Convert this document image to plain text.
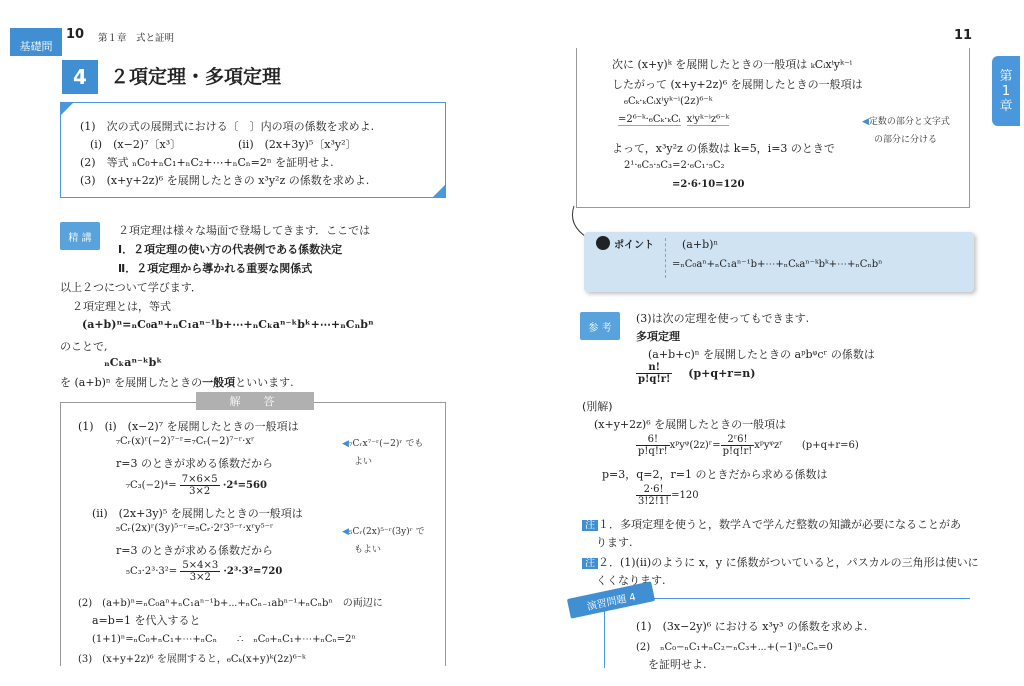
基礎問
10 第１章　式と証明	11
第
1
章
4	２項定理・多項定理
(1)　次の式の展開式における〔　〕内の項の係数を求めよ.
(i)　(x−2)⁷〔x³〕	(ii)　(2x+3y)⁵〔x³y²〕
(2)　等式 ₙC₀+ₙC₁+ₙC₂+⋯+ₙCₙ=2ⁿ を証明せよ.
(3)　(x+y+2z)⁶ を展開したときの x³y²z の係数を求めよ.
精 講
２項定理は様々な場面で登場してきます．ここでは
Ⅰ．２項定理の使い方の代表例である係数決定
Ⅱ．２項定理から導かれる重要な関係式
以上２つについて学びます．
２項定理とは，等式
(a+b)ⁿ=ₙC₀aⁿ+ₙC₁aⁿ⁻¹b+⋯+ₙCₖaⁿ⁻ᵏbᵏ+⋯+ₙCₙbⁿ
のことで,
ₙCₖaⁿ⁻ᵏbᵏ
を (a+b)ⁿ を展開したときの一般項といいます.
解　答
(1)　(i)　(x−2)⁷ を展開したときの一般項は
₇Cᵣ(x)ʳ(−2)⁷⁻ʳ=₇Cᵣ(−2)⁷⁻ʳ·xʳ	◀₇Cᵣx⁷⁻ʳ(−2)ʳ でも
よい
r=3 のときが求める係数だから
$_7C_3(-2)^4= \frac{7\times 6\times 5}{3\times 2} \cdot 2^4=560$
(ii)　(2x+3y)⁵ を展開したときの一般項は
₅Cᵣ(2x)ʳ(3y)⁵⁻ʳ=₅Cᵣ·2ʳ3⁵⁻ʳ·xʳy⁵⁻ʳ	◀₅Cᵣ(2x)⁵⁻ʳ(3y)ʳ で
もよい
r=3 のときが求める係数だから
$_5C_3\cdot 2^3\cdot 3^2= \frac{5\times 4\times 3}{3\times 2} \cdot 2^3\cdot 3^2=720$
(2)　(a+b)ⁿ=ₙC₀aⁿ+ₙC₁aⁿ⁻¹b+⋯+ₙCₙ₋₁abⁿ⁻¹+ₙCₙbⁿ　の両辺に
a=b=1 を代入すると
(1+1)ⁿ=ₙC₀+ₙC₁+⋯+ₙCₙ　　∴　ₙC₀+ₙC₁+⋯+ₙCₙ=2ⁿ
(3)　(x+y+2z)⁶ を展開すると，₆Cₖ(x+y)ᵏ(2z)⁶⁻ᵏ
次に (x+y)ᵏ を展開したときの一般項は ₖCᵢxⁱyᵏ⁻ⁱ
したがって (x+y+2z)⁶ を展開したときの一般項は
₆Cₖ·ₖCᵢxⁱyᵏ⁻ⁱ(2z)⁶⁻ᵏ
=2⁶⁻ᵏ·₆Cₖ·ₖCᵢ xⁱyᵏ⁻ⁱz⁶⁻ᵏ	◀定数の部分と文字式
の部分に分ける
よって，x³y²z の係数は k=5，i=3 のときで
2¹·₆C₅·₅C₃=2·₆C₁·₅C₂
=2·6·10=120
ポイント	(a+b)ⁿ
=ₙC₀aⁿ+ₙC₁aⁿ⁻¹b+⋯+ₙCₖaⁿ⁻ᵏbᵏ+⋯+ₙCₙbⁿ
参 考
(3)は次の定理を使ってもできます.
多項定理
(a+b+c)ⁿ を展開したときの aᵖbᵠcʳ の係数は
$\frac{n!}{p!q!r!} (p+q+r=n)$
(別解)
(x+y+2z)⁶ を展開したときの一般項は
$\frac{6!}{p!q!r!}$ xᵖyᵠ(2z)ʳ= $\frac{\text{2ʳ6!}}{p!q!r!}$ xᵖyᵠzʳ (p+q+r=6)
p=3，q=2，r=1 のときだから求める係数は
$\frac{2\cdot 6!}{3!2!1!} =120$
注 １．多項定理を使うと，数学Ａで学んだ整数の知識が必要になることがあ
ります.
注 ２．(1)(ii)のように x，y に係数がついていると，パスカルの三角形は使いに
くくなります.
演習問題 4
(1)　(3x−2y)⁶ における x³y³ の係数を求めよ.
(2)　ₙC₀−ₙC₁+ₙC₂−ₙC₃+⋯+(−1)ⁿₙCₙ=0
を証明せよ.
